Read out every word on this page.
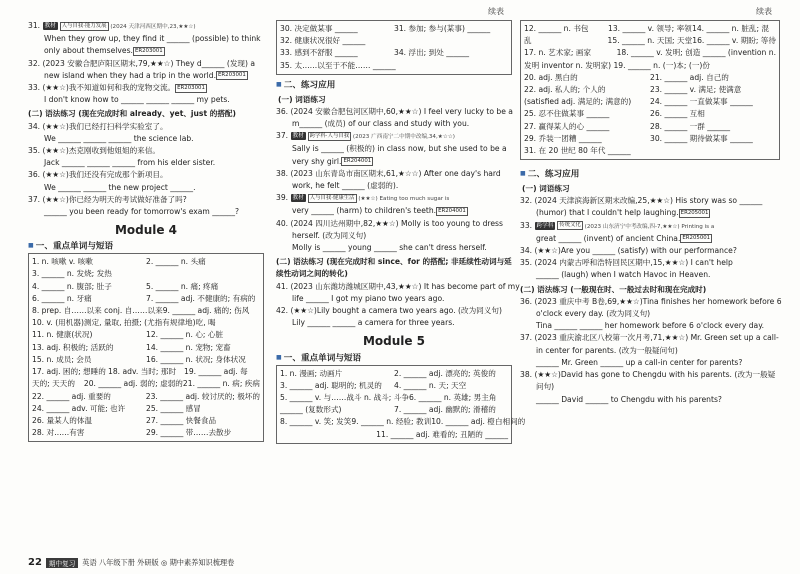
续表	续表
31. 教材 人与自我·能力发展 (2024 天津河西区期中,23,★★☆)
When they grow up, they find it ______ (possible) to think
only about themselves. ER203001
32. (2023 安徽合肥庐阳区期末,79,★★☆) They d______ (发现) a
new island when they had a trip in the world. ER203001
33. (★★☆)我不知道如何和我的宠物交流。 ER203001
I don't know how to ______ ______ ______ my pets.
(二) 语法练习 (现在完成时和 already、yet、just 的搭配)
34. (★★☆)我们已经打扫科学实验室了。
We ______ ______ ______ the science lab.
35. (★★☆)杰克刚收到他姐姐的来信。
Jack ______ ______ ______ from his elder sister.
36. (★★☆)我们还没有完成那个新项目。
We ______ ______ the new project ______.
37. (★★☆)你已经为明天的考试做好准备了吗?
______ you been ready for tomorrow's exam ______?
Module 4
■ 一、重点单词与短语
1. n. 咳嗽 v. 咳嗽	2. ______ n. 头痛
3. ______ n. 发烧; 发热
4. ______ n. 腹部; 肚子	5. ______ n. 痛; 疼痛
6. ______ n. 牙痛	7. ______ adj. 不健康的; 有病的
8. prep. 自……以来 conj. 自……以来 9. ______ adj. 痛的; 伤风
10. v. (用机器)测定, 量取, 拍摄; (尤指有规律地)吃, 喝
11. n. 健康(状况)	12. ______ n. 心; 心脏
13. adj. 积极的; 活跃的	14. ______ n. 宠物; 宠畜
15. n. 成员; 会员	16. ______ n. 状况; 身体状况
17. adj. 困的; 想睡的 18. adv. 当时; 那时	19. ______ adj. 每
天的; 天天的	20. ______ adj. 弱的; 虚弱的 21. ______ n. 病; 疾病
22. ______ adj. 重要的	23. ______ adj. 较讨厌的; 极坏的
24. ______ adv. 可能; 也许	25. ______ 感冒
26. 量某人的体温	27. ______ 快餐食品
28. 对……有害	29. ______ 带……去散步
30. 决定做某事 ______	31. 参加; 参与(某事) ______
32. 健康状况很好 ______
33. 感到不舒服 ______	34. 浮出; 到处 ______
35. 太……以至于不能…… ______
■ 二、练习应用
(一) 词语练习
36. (2024 安徽合肥包河区期中,60,★★☆) I feel very lucky to be a
m______ (成员) of our class and study with you.
37. 教材 跨学科·人与自我 (2023 广西南宁二中期中改编,34,★☆☆)
Sally is ______ (积极的) in class now, but she used to be a
very shy girl. ER204001
38. (2023 山东青岛市南区期末,61,★☆☆) After one day's hard
work, he felt ______ (虚弱的).
39. 教材 人与自我·健康生活 (★★☆) Eating too much sugar is
very ______ (harm) to children's teeth. ER204001
40. (2024 四川达州期中,82,★★☆) Molly is too young to dress
herself. (改为同义句)
Molly is ______ young ______ she can't dress herself.
(二) 语法练习 (现在完成时和 since、for 的搭配; 非延续性动词与延续性动词之间的转化)
41. (2023 山东潍坊潍城区期中,43,★★☆) It has become part of my
life ______ I got my piano two years ago.
42. (★★☆)Lily bought a camera two years ago. (改为同义句)
Lily ______ ______ a camera for three years.
Module 5
■ 一、重点单词与短语
1. n. 漫画; 动画片	2. ______ adj. 漂亮的; 英俊的
3. ______ adj. 聪明的; 机灵的	4. ______ n. 天; 天空
5. ______ v. 与……战斗 n. 战斗; 斗争 6. ______ n. 英雄; 男主角
______ (复数形式)	7. ______ adj. 幽默的; 滑稽的
8. ______ v. 笑; 发笑 9. ______ n. 经验; 教训 10. ______ adj. 橙白相间的
11. ______ adj. 难看的; 丑陋的 ______
12. ______ n. 书包	13. ______ v. 领导; 率领 14. ______ n. 脏乱; 混
乱	15. ______ n. 天国; 天堂 16. ______ v. 期盼; 等待
17. n. 艺术家; 画家	18. ______ v. 发明; 创造 ______ (invention n.
发明 inventor n. 发明家) 19. ______ n. (一)本; (一)份
20. adj. 黑白的	21. ______ adj. 自己的
22. adj. 私人的; 个人的	23. ______ v. 满足; 使满意
(satisfied adj. 满足的; 满意的)	24. ______ 一直做某事 ______
25. 忍不住做某事 ______	26. ______ 互相
27. 赢得某人的心 ______	28. ______ 一群 ______
29. 乔装一团糟 ______	30. ______ 期待做某事 ______
31. 在 20 世纪 80 年代 ______
■ 二、练习应用
(一) 词语练习
32. (2024 天津滨海新区期末改编,25,★★☆) His story was so ______
(humor) that I couldn't help laughing. ER205001
33. 跨学科 传统文化 (2023 山东济宁中考改编,四-7,★★☆) Printing is a
great ______ (invent) of ancient China. ER205001
34. (★★☆)Are you ______ (satisfy) with our performance?
35. (2024 内蒙古呼和浩特回民区期中,15,★★☆) I can't help
______ (laugh) when I watch Havoc in Heaven.
(二) 语法练习 (一般现在时、一般过去时和现在完成时)
36. (2023 重庆中考 B卷,69,★★☆)Tina finishes her homework before 6
o'clock every day. (改为同义句)
Tina ______ ______ her homework before 6 o'clock every day.
37. (2023 重庆渝北区八校第一次月考,71,★★☆) Mr. Green set up a call-
in center for parents. (改为一般疑问句)
______ Mr. Green ______ up a call-in center for parents?
38. (★★☆)David has gone to Chengdu with his parents. (改为一般疑
问句)
______ David ______ to Chengdu with his parents?
22	期中复习 英语 八年级下册 外研版 ◎ 期中素养知识梳理卷
